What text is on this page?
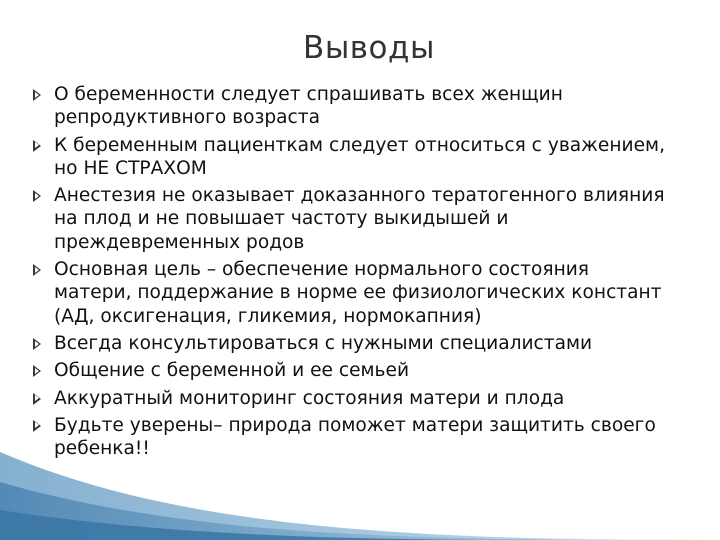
Выводы
О беременности следует спрашивать всех женщин репродуктивного возраста
К беременным пациенткам следует относиться с уважением, но НЕ СТРАХОМ
Анестезия не оказывает доказанного тератогенного влияния на плод и не повышает частоту выкидышей и преждевременных родов
Основная цель – обеспечение нормального состояния матери, поддержание в норме ее физиологических констант (АД, оксигенация, гликемия, нормокапния)
Всегда консультироваться с нужными специалистами
Общение с беременной и ее семьей
Аккуратный мониторинг состояния матери и плода
Будьте уверены– природа поможет матери защитить своего ребенка!!
